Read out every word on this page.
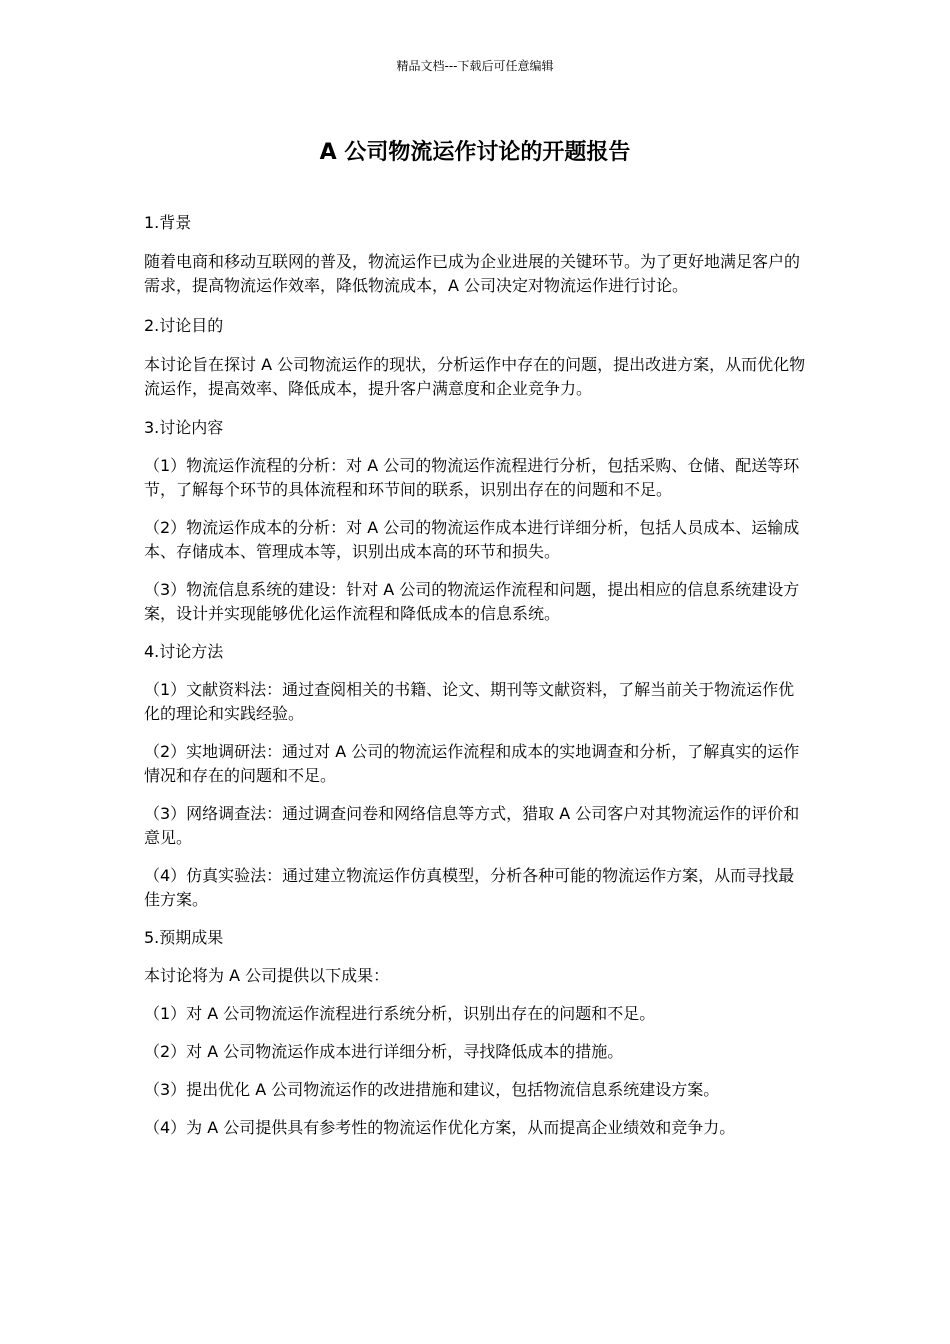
精品文档---下载后可任意编辑
A 公司物流运作讨论的开题报告

1.背景

随着电商和移动互联网的普及，物流运作已成为企业进展的关键环节。为了更好地满足客户的需求，提高物流运作效率，降低物流成本，A 公司决定对物流运作进行讨论。

2.讨论目的

本讨论旨在探讨 A 公司物流运作的现状，分析运作中存在的问题，提出改进方案，从而优化物流运作，提高效率、降低成本，提升客户满意度和企业竞争力。

3.讨论内容

（1）物流运作流程的分析：对 A 公司的物流运作流程进行分析，包括采购、仓储、配送等环节，了解每个环节的具体流程和环节间的联系，识别出存在的问题和不足。

（2）物流运作成本的分析：对 A 公司的物流运作成本进行详细分析，包括人员成本、运输成本、存储成本、管理成本等，识别出成本高的环节和损失。

（3）物流信息系统的建设：针对 A 公司的物流运作流程和问题，提出相应的信息系统建设方案，设计并实现能够优化运作流程和降低成本的信息系统。

4.讨论方法

（1）文献资料法：通过查阅相关的书籍、论文、期刊等文献资料，了解当前关于物流运作优化的理论和实践经验。

（2）实地调研法：通过对 A 公司的物流运作流程和成本的实地调查和分析，了解真实的运作情况和存在的问题和不足。

（3）网络调查法：通过调查问卷和网络信息等方式，猎取 A 公司客户对其物流运作的评价和意见。

（4）仿真实验法：通过建立物流运作仿真模型，分析各种可能的物流运作方案，从而寻找最佳方案。

5.预期成果

本讨论将为 A 公司提供以下成果：

（1）对 A 公司物流运作流程进行系统分析，识别出存在的问题和不足。

（2）对 A 公司物流运作成本进行详细分析，寻找降低成本的措施。

（3）提出优化 A 公司物流运作的改进措施和建议，包括物流信息系统建设方案。

（4）为 A 公司提供具有参考性的物流运作优化方案，从而提高企业绩效和竞争力。
